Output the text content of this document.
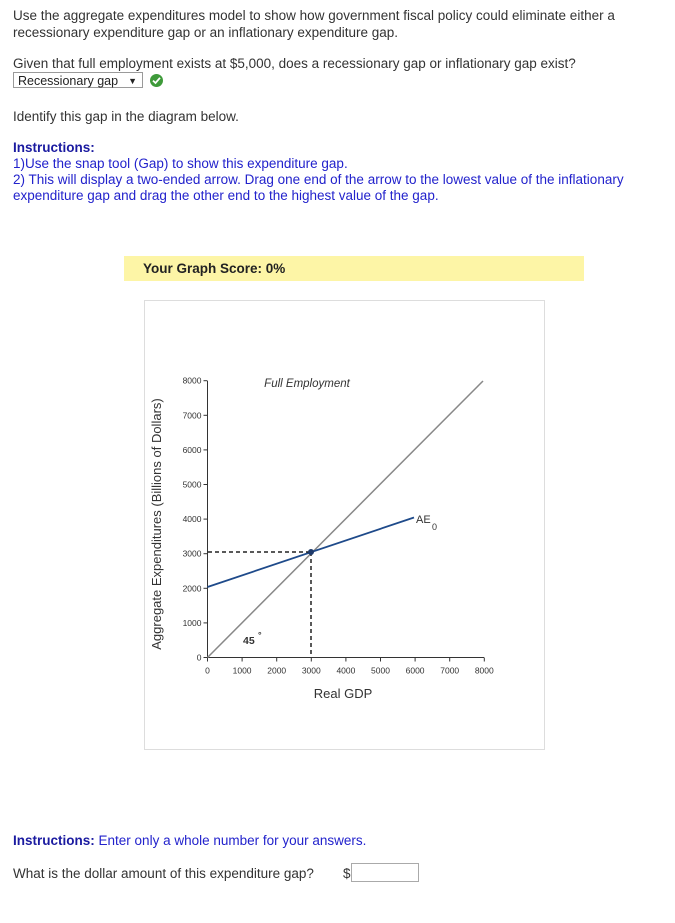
Use the aggregate expenditures model to show how government fiscal policy could eliminate either a recessionary expenditure gap or an inflationary expenditure gap.
Given that full employment exists at $5,000, does a recessionary gap or inflationary gap exist?
Recessionary gap ▼
Identify this gap in the diagram below.
Instructions:
1)Use the snap tool (Gap) to show this expenditure gap.
2) This will display a two-ended arrow. Drag one end of the arrow to the lowest value of the inflationary expenditure gap and drag the other end to the highest value of the gap.
Your Graph Score: 0%
Aggregate Expenditures (Billions of Dollars)
Real GDP
0	1000 2000 3000 4000 5000 6000 7000 8000
0
1000
2000
3000
4000
5000
6000
7000
8000	Full Employment
45 °
AE
0
Instructions: Enter only a whole number for your answers.
What is the dollar amount of this expenditure gap? $
